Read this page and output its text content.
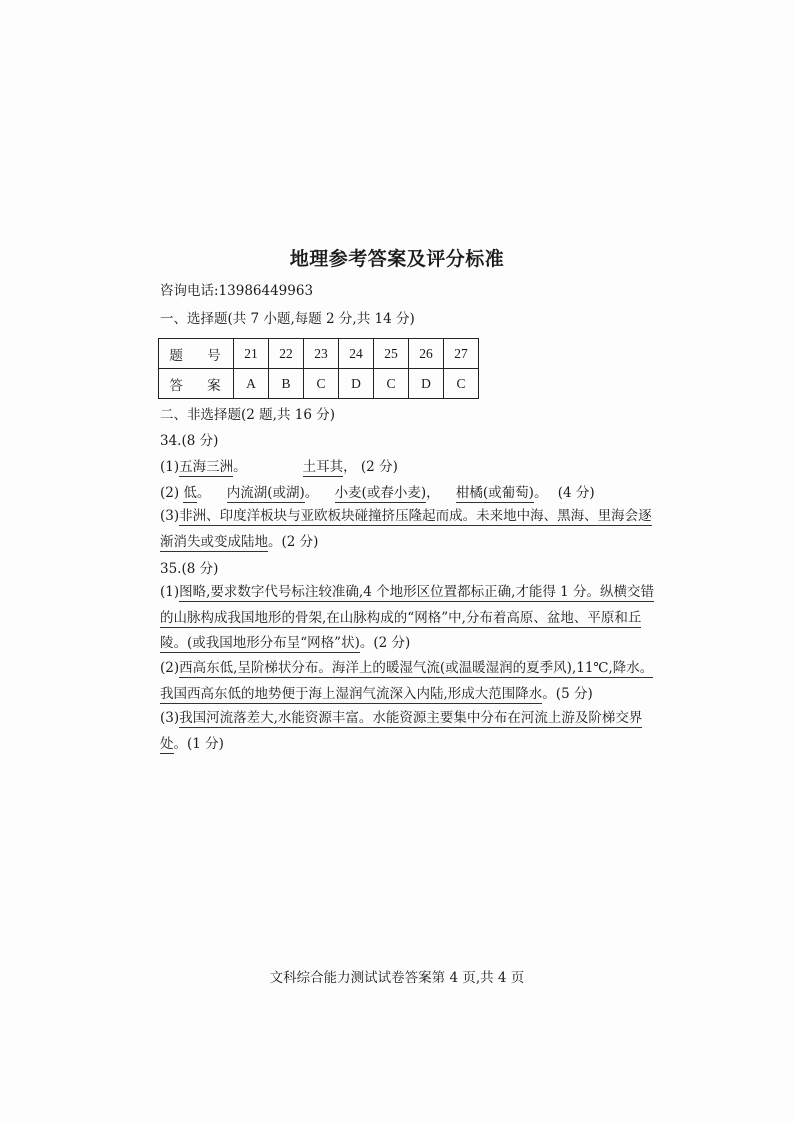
地理参考答案及评分标准
咨询电话:13986449963
一、选择题(共 7 小题,每题 2 分,共 14 分)
题 号	21	22	23	24	25	26	27
答 案	A	B	C	D	C	D	C
二、非选择题(2 题,共 16 分)
34.(8 分)
(1)五海三洲。	土耳其， (2 分)
(2) 低。 内流湖(或湖)。 小麦(或春小麦)， 柑橘(或葡萄)。 (4 分)
(3)非洲、印度洋板块与亚欧板块碰撞挤压隆起而成。未来地中海、黑海、里海会逐渐消失或变成陆地。(2 分)
35.(8 分)
(1)图略,要求数字代号标注较准确,4 个地形区位置都标正确,才能得 1 分。纵横交错的山脉构成我国地形的骨架,在山脉构成的“网格”中,分布着高原、盆地、平原和丘陵。(或我国地形分布呈“网格”状)。(2 分)
(2)西高东低,呈阶梯状分布。海洋上的暖湿气流(或温暖湿润的夏季风),11℃,降水。我国西高东低的地势便于海上湿润气流深入内陆,形成大范围降水。(5 分)
(3)我国河流落差大,水能资源丰富。水能资源主要集中分布在河流上游及阶梯交界处。(1 分)
文科综合能力测试试卷答案第 4 页,共 4 页
